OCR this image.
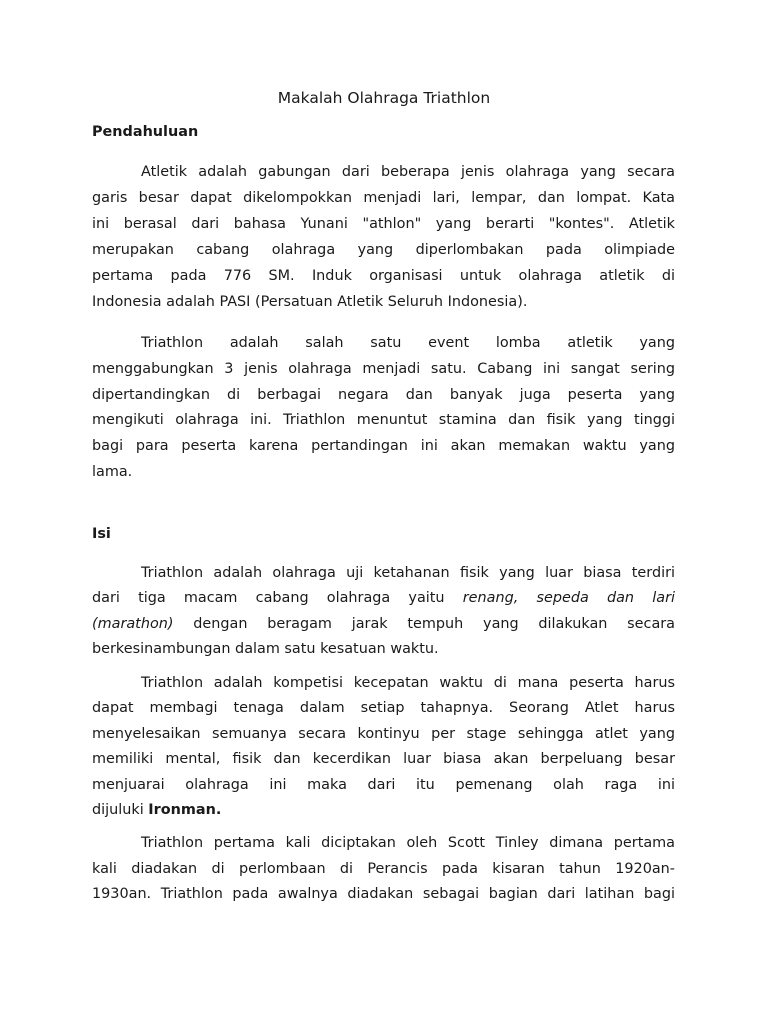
Makalah Olahraga Triathlon
Pendahuluan
Atletik adalah gabungan dari beberapa jenis olahraga yang secara
garis besar dapat dikelompokkan menjadi lari, lempar, dan lompat. Kata
ini berasal dari bahasa Yunani "athlon" yang berarti "kontes". Atletik
merupakan cabang olahraga yang diperlombakan pada olimpiade
pertama pada 776 SM. Induk organisasi untuk olahraga atletik di
Indonesia adalah PASI (Persatuan Atletik Seluruh Indonesia).
Triathlon adalah salah satu event lomba atletik yang
menggabungkan 3 jenis olahraga menjadi satu. Cabang ini sangat sering
dipertandingkan di berbagai negara dan banyak juga peserta yang
mengikuti olahraga ini. Triathlon menuntut stamina dan fisik yang tinggi
bagi para peserta karena pertandingan ini akan memakan waktu yang
lama.
Isi
Triathlon adalah olahraga uji ketahanan fisik yang luar biasa terdiri
dari tiga macam cabang olahraga yaitu renang, sepeda dan lari
(marathon) dengan beragam jarak tempuh yang dilakukan secara
berkesinambungan dalam satu kesatuan waktu.
Triathlon adalah kompetisi kecepatan waktu di mana peserta harus
dapat membagi tenaga dalam setiap tahapnya. Seorang Atlet harus
menyelesaikan semuanya secara kontinyu per stage sehingga atlet yang
memiliki mental, fisik dan kecerdikan luar biasa akan berpeluang besar
menjuarai olahraga ini maka dari itu pemenang olah raga ini
dijuluki Ironman.
Triathlon pertama kali diciptakan oleh Scott Tinley dimana pertama
kali diadakan di perlombaan di Perancis pada kisaran tahun 1920an-
1930an. Triathlon pada awalnya diadakan sebagai bagian dari latihan bagi
